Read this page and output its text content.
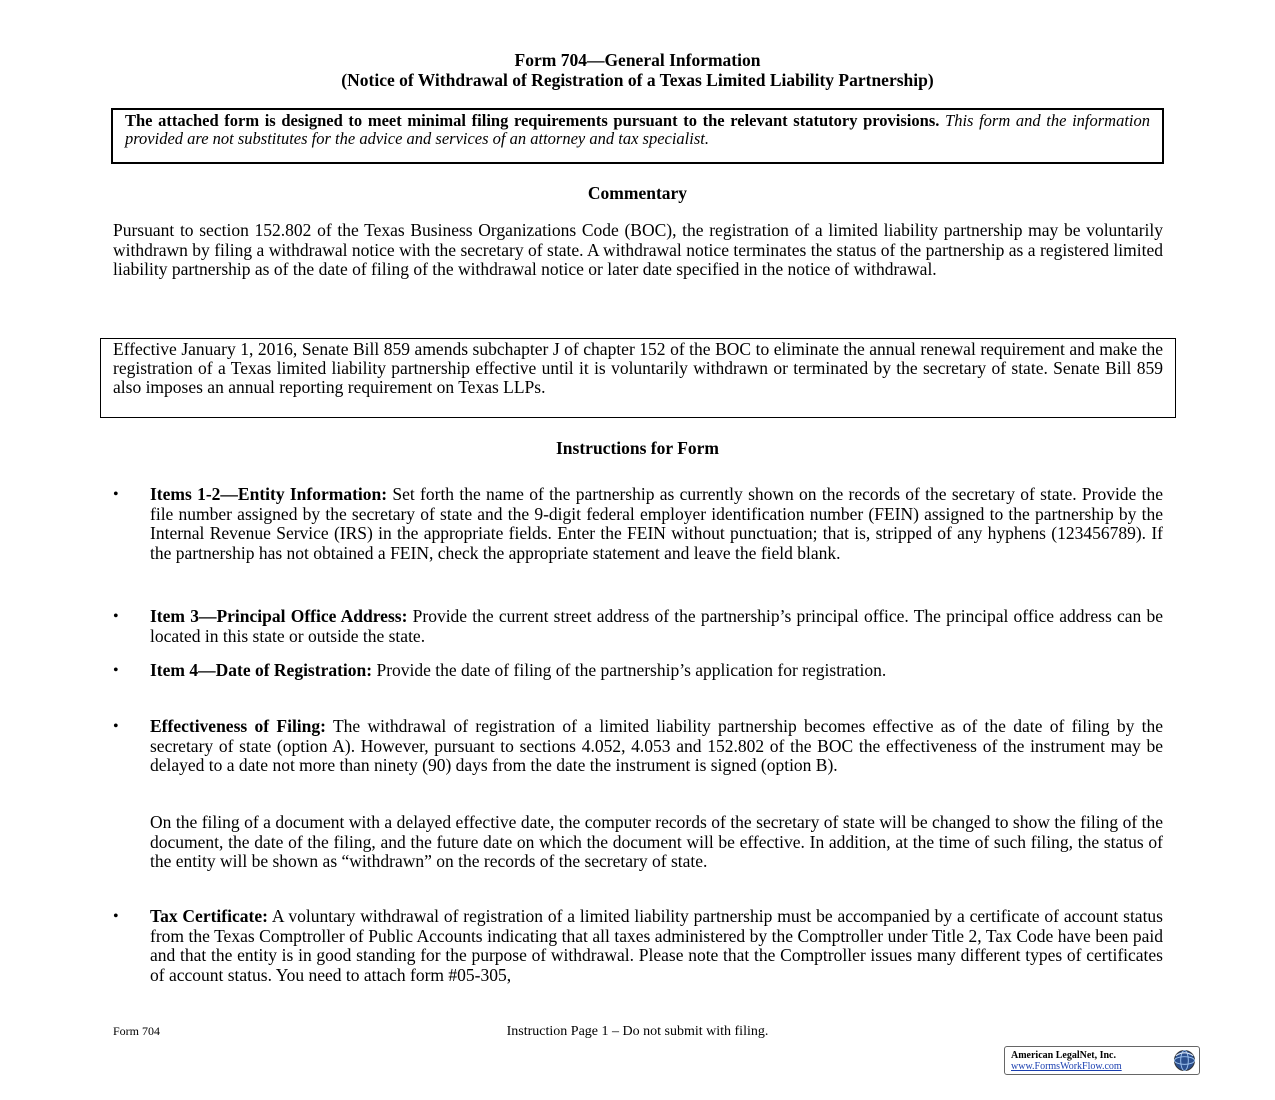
Form 704—General Information
(Notice of Withdrawal of Registration of a Texas Limited Liability Partnership)
The attached form is designed to meet minimal filing requirements pursuant to the relevant statutory provisions. This form and the information provided are not substitutes for the advice and services of an attorney and tax specialist.
Commentary

Pursuant to section 152.802 of the Texas Business Organizations Code (BOC), the registration of a limited liability partnership may be voluntarily withdrawn by filing a withdrawal notice with the secretary of state. A withdrawal notice terminates the status of the partnership as a registered limited liability partnership as of the date of filing of the withdrawal notice or later date specified in the notice of withdrawal.

Effective January 1, 2016, Senate Bill 859 amends subchapter J of chapter 152 of the BOC to eliminate the annual renewal requirement and make the registration of a Texas limited liability partnership effective until it is voluntarily withdrawn or terminated by the secretary of state. Senate Bill 859 also imposes an annual reporting requirement on Texas LLPs.
Instructions for Form
• Items 1-2—Entity Information: Set forth the name of the partnership as currently shown on the records of the secretary of state. Provide the file number assigned by the secretary of state and the 9-digit federal employer identification number (FEIN) assigned to the partnership by the Internal Revenue Service (IRS) in the appropriate fields. Enter the FEIN without punctuation; that is, stripped of any hyphens (123456789). If the partnership has not obtained a FEIN, check the appropriate statement and leave the field blank.

• Item 3—Principal Office Address: Provide the current street address of the partnership’s principal office. The principal office address can be located in this state or outside the state.

• Item 4—Date of Registration: Provide the date of filing of the partnership’s application for registration.

• Effectiveness of Filing: The withdrawal of registration of a limited liability partnership becomes effective as of the date of filing by the secretary of state (option A). However, pursuant to sections 4.052, 4.053 and 152.802 of the BOC the effectiveness of the instrument may be delayed to a date not more than ninety (90) days from the date the instrument is signed (option B).

On the filing of a document with a delayed effective date, the computer records of the secretary of state will be changed to show the filing of the document, the date of the filing, and the future date on which the document will be effective. In addition, at the time of such filing, the status of the entity will be shown as “withdrawn” on the records of the secretary of state.
• Tax Certificate: A voluntary withdrawal of registration of a limited liability partnership must be accompanied by a certificate of account status from the Texas Comptroller of Public Accounts indicating that all taxes administered by the Comptroller under Title 2, Tax Code have been paid and that the entity is in good standing for the purpose of withdrawal. Please note that the Comptroller issues many different types of certificates of account status. You need to attach form #05-305,

Form 704	Instruction Page 1 – Do not submit with filing.
American LegalNet, Inc.
www.FormsWorkFlow.com
